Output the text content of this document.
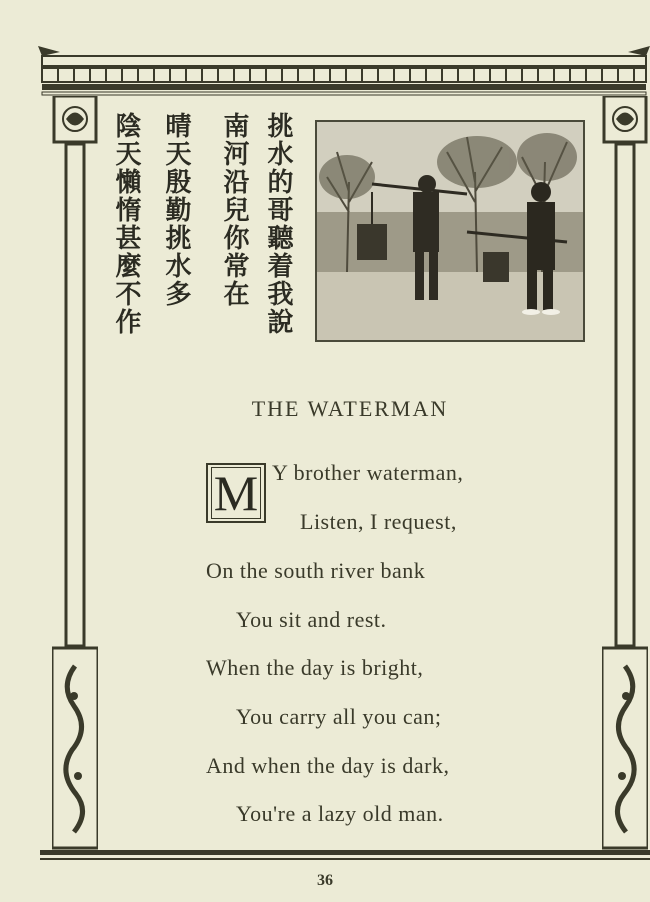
挑水的哥聽着我說
南河沿兒你常在
晴天殷勤挑水多
陰天懶惰甚麼不作
THE WATERMAN
M Y brother waterman,
Listen, I request,
On the south river bank
You sit and rest.
When the day is bright,
You carry all you can;
And when the day is dark,
You're a lazy old man.
36
